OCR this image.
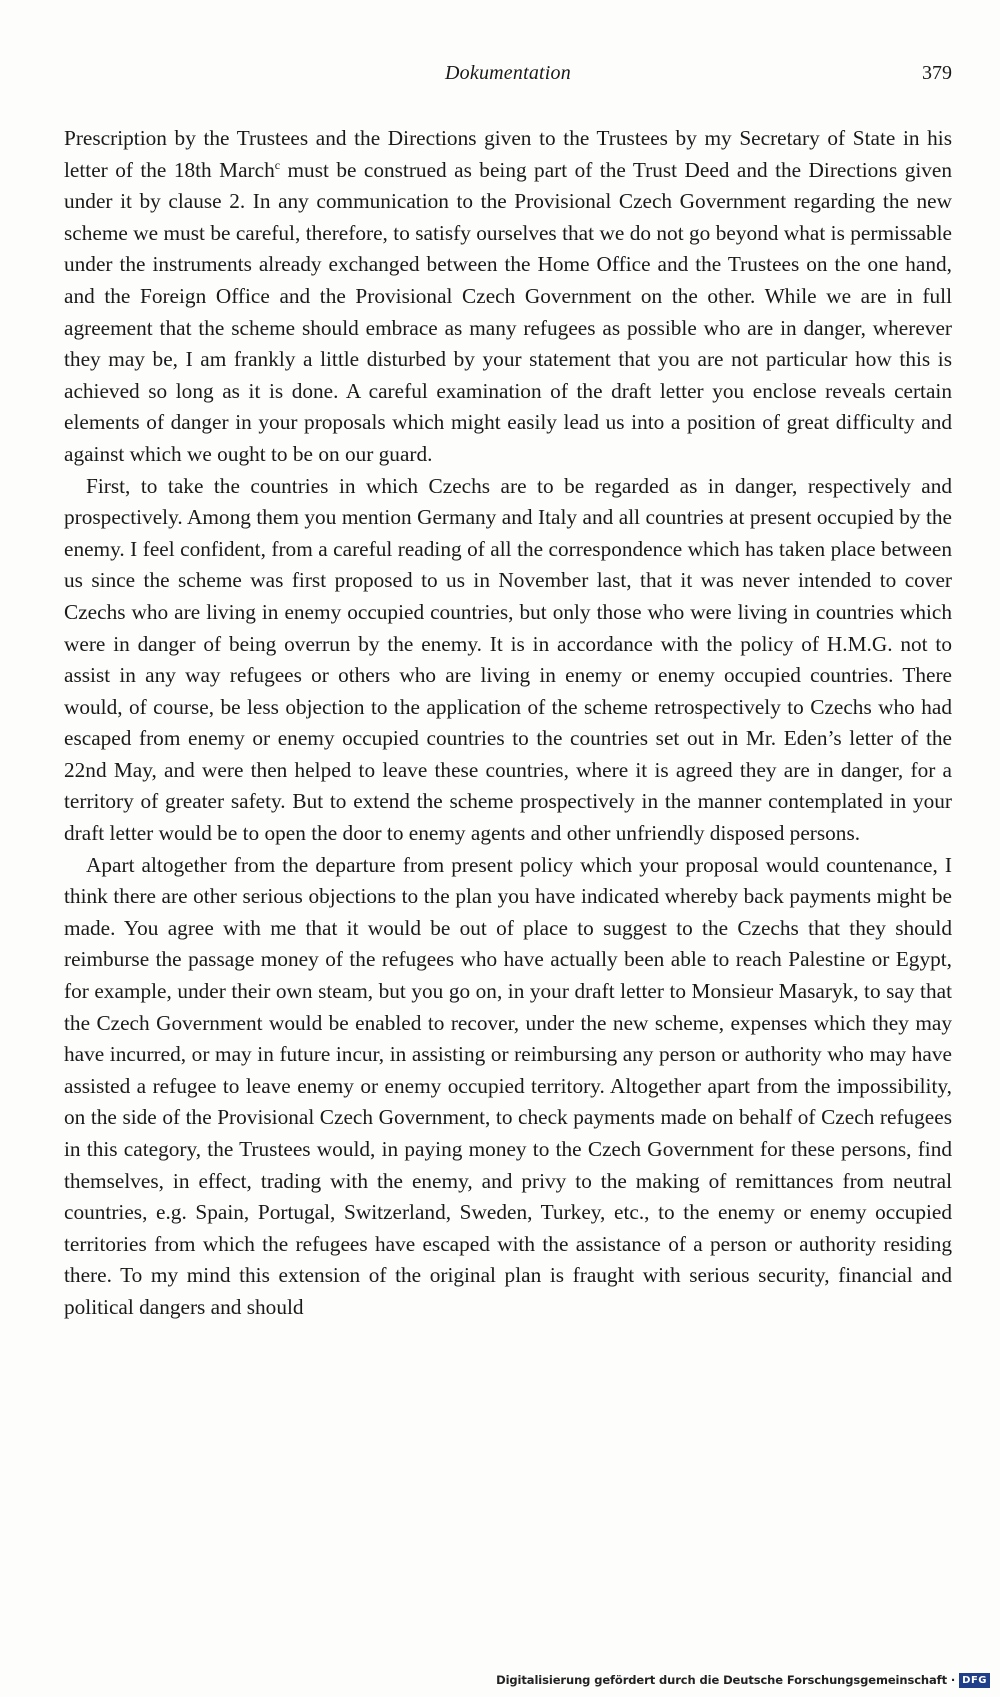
Dokumentation	379

Prescription by the Trustees and the Directions given to the Trustees by my Secretary of State in his letter of the 18th March$^c$ must be construed as being part of the Trust Deed and the Directions given under it by clause 2. In any communication to the Provisional Czech Government regarding the new scheme we must be careful, therefore, to satisfy ourselves that we do not go beyond what is permissable under the instruments already exchanged between the Home Office and the Trustees on the one hand, and the Foreign Office and the Provisional Czech Government on the other. While we are in full agreement that the scheme should embrace as many refugees as possible who are in danger, wherever they may be, I am frankly a little disturbed by your statement that you are not particular how this is achieved so long as it is done. A careful examination of the draft letter you enclose reveals certain elements of danger in your proposals which might easily lead us into a position of great difficulty and against which we ought to be on our guard.

First, to take the countries in which Czechs are to be regarded as in danger, respectively and prospectively. Among them you mention Germany and Italy and all countries at present occupied by the enemy. I feel confident, from a careful reading of all the correspondence which has taken place between us since the scheme was first proposed to us in November last, that it was never intended to cover Czechs who are living in enemy occupied countries, but only those who were living in countries which were in danger of being overrun by the enemy. It is in accordance with the policy of H.M.G. not to assist in any way refugees or others who are living in enemy or enemy occupied countries. There would, of course, be less objection to the application of the scheme retrospectively to Czechs who had escaped from enemy or enemy occupied countries to the countries set out in Mr. Eden’s letter of the 22nd May, and were then helped to leave these countries, where it is agreed they are in danger, for a territory of greater safety. But to extend the scheme prospectively in the manner contemplated in your draft letter would be to open the door to enemy agents and other unfriendly disposed persons.

Apart altogether from the departure from present policy which your proposal would countenance, I think there are other serious objections to the plan you have indicated whereby back payments might be made. You agree with me that it would be out of place to suggest to the Czechs that they should reimburse the passage money of the refugees who have actually been able to reach Palestine or Egypt, for example, under their own steam, but you go on, in your draft letter to Monsieur Masaryk, to say that the Czech Government would be enabled to recover, under the new scheme, expenses which they may have incurred, or may in future incur, in assisting or reimbursing any person or authority who may have assisted a refugee to leave enemy or enemy occupied territory. Altogether apart from the impossibility, on the side of the Provisional Czech Government, to check payments made on behalf of Czech refugees in this category, the Trustees would, in paying money to the Czech Government for these persons, find themselves, in effect, trading with the enemy, and privy to the making of remittances from neutral countries, e.g. Spain, Portugal, Switzerland, Sweden, Turkey, etc., to the enemy or enemy occupied territories from which the refugees have escaped with the assistance of a person or authority residing there. To my mind this extension of the original plan is fraught with serious security, financial and political dangers and should

Digitalisierung gefördert durch die Deutsche Forschungsgemeinschaft · DFG
